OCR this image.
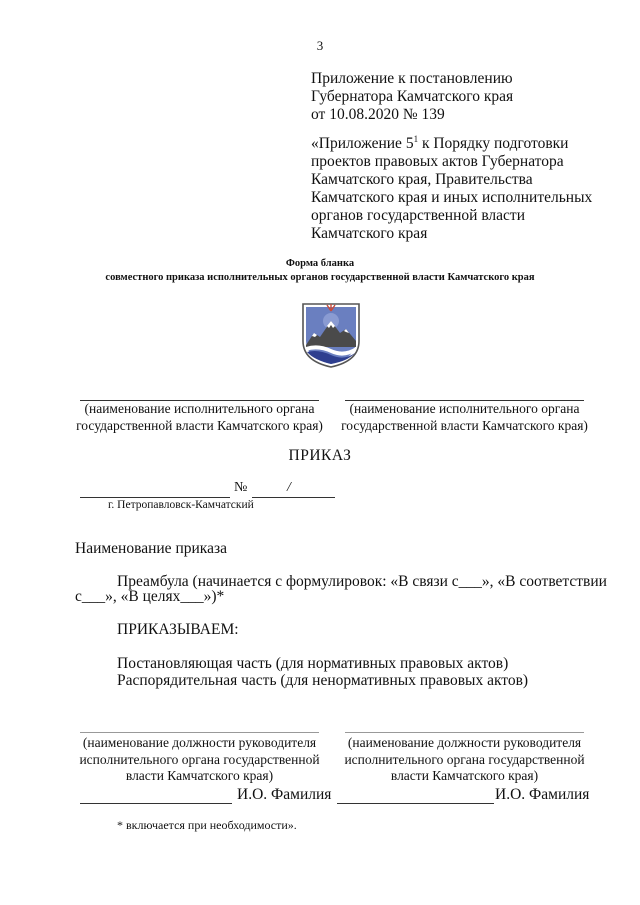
3
Приложение к постановлению
Губернатора Камчатского края
от 10.08.2020 № 139
«Приложение $5^1$ к Порядку подготовки
проектов правовых актов Губернатора
Камчатского края, Правительства
Камчатского края и иных исполнительных
органов государственной власти
Камчатского края
Форма бланка
совместного приказа исполнительных органов государственной власти Камчатского края
(наименование исполнительного органа
государственной власти Камчатского края)
(наименование исполнительного органа
государственной власти Камчатского края)
ПРИКАЗ
№	/
г. Петропавловск-Камчатский
Наименование приказа
Преамбула (начинается с формулировок: «В связи с___», «В соответствии
с___», «В целях___»)*
ПРИКАЗЫВАЕМ:
Постановляющая часть (для нормативных правовых актов)
Распорядительная часть (для ненормативных правовых актов)
(наименование должности руководителя
исполнительного органа государственной
власти Камчатского края)
(наименование должности руководителя
исполнительного органа государственной
власти Камчатского края)
И.О. Фамилия	И.О. Фамилия
* включается при необходимости».
